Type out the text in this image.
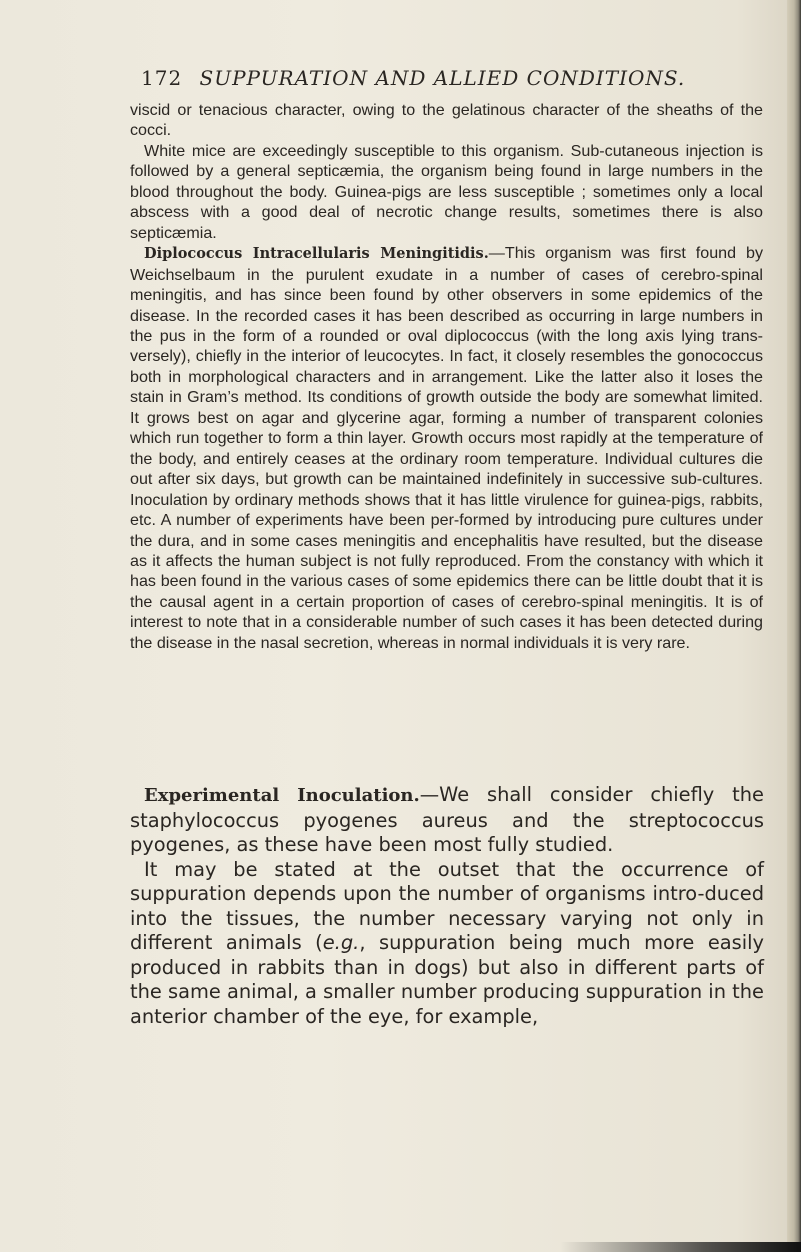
172 SUPPURATION AND ALLIED CONDITIONS.

viscid or tenacious character, owing to the gelatinous character of the sheaths of the cocci.

White mice are exceedingly susceptible to this organism. Sub-cutaneous injection is followed by a general septicæmia, the organism being found in large numbers in the blood throughout the body. Guinea-pigs are less susceptible ; sometimes only a local abscess with a good deal of necrotic change results, sometimes there is also septicæmia.

Diplococcus Intracellularis Meningitidis.—This organism was first found by Weichselbaum in the purulent exudate in a number of cases of cerebro-spinal meningitis, and has since been found by other observers in some epidemics of the disease. In the recorded cases it has been described as occurring in large numbers in the pus in the form of a rounded or oval diplococcus (with the long axis lying trans-versely), chiefly in the interior of leucocytes. In fact, it closely resembles the gonococcus both in morphological characters and in arrangement. Like the latter also it loses the stain in Gram’s method. Its conditions of growth outside the body are somewhat limited. It grows best on agar and glycerine agar, forming a number of transparent colonies which run together to form a thin layer. Growth occurs most rapidly at the temperature of the body, and entirely ceases at the ordinary room temperature. Individual cultures die out after six days, but growth can be maintained indefinitely in successive sub-cultures. Inoculation by ordinary methods shows that it has little virulence for guinea-pigs, rabbits, etc. A number of experiments have been per-formed by introducing pure cultures under the dura, and in some cases meningitis and encephalitis have resulted, but the disease as it affects the human subject is not fully reproduced. From the constancy with which it has been found in the various cases of some epidemics there can be little doubt that it is the causal agent in a certain proportion of cases of cerebro-spinal meningitis. It is of interest to note that in a considerable number of such cases it has been detected during the disease in the nasal secretion, whereas in normal individuals it is very rare.

Experimental Inoculation.—We shall consider chiefly the staphylococcus pyogenes aureus and the streptococcus pyogenes, as these have been most fully studied.

It may be stated at the outset that the occurrence of suppuration depends upon the number of organisms intro-duced into the tissues, the number necessary varying not only in different animals (e.g., suppuration being much more easily produced in rabbits than in dogs) but also in different parts of the same animal, a smaller number producing suppuration in the anterior chamber of the eye, for example,
